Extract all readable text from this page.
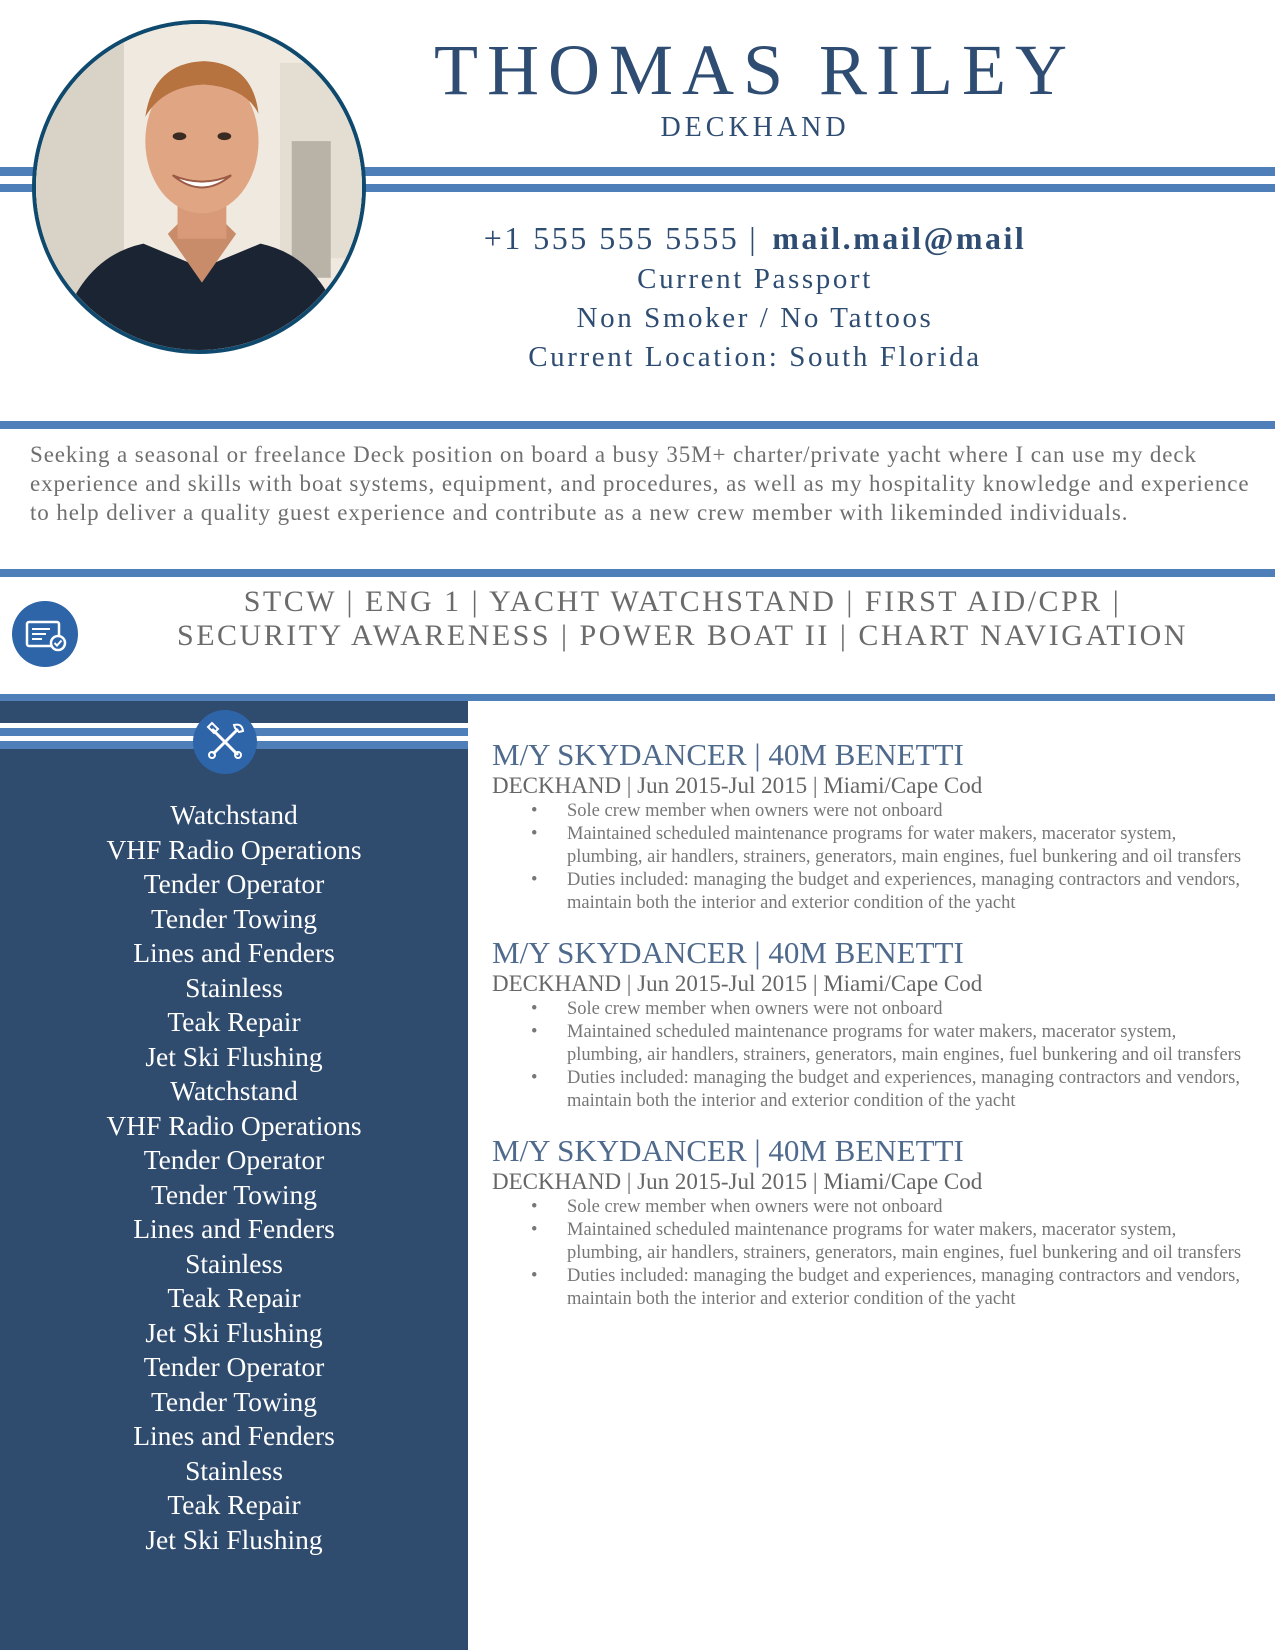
THOMAS RILEY
DECKHAND
+1 555 555 5555 | mail.mail@mail
Current Passport
Non Smoker / No Tattoos
Current Location: South Florida
Seeking a seasonal or freelance Deck position on board a busy 35M+ charter/private yacht where I can use my deck experience and skills with boat systems, equipment, and procedures, as well as my hospitality knowledge and experience to help deliver a quality guest experience and contribute as a new crew member with likeminded individuals.
STCW | ENG 1 | YACHT WATCHSTAND | FIRST AID/CPR |
SECURITY AWARENESS | POWER BOAT II | CHART NAVIGATION
Watchstand
VHF Radio Operations
Tender Operator
Tender Towing
Lines and Fenders
Stainless
Teak Repair
Jet Ski Flushing
Watchstand
VHF Radio Operations
Tender Operator
Tender Towing
Lines and Fenders
Stainless
Teak Repair
Jet Ski Flushing
Tender Operator
Tender Towing
Lines and Fenders
Stainless
Teak Repair
Jet Ski Flushing
M/Y SKYDANCER | 40M BENETTI
DECKHAND | Jun 2015-Jul 2015 | Miami/Cape Cod
• Sole crew member when owners were not onboard
• Maintained scheduled maintenance programs for water makers, macerator system, plumbing, air handlers, strainers, generators, main engines, fuel bunkering and oil transfers
• Duties included: managing the budget and experiences, managing contractors and vendors, maintain both the interior and exterior condition of the yacht
M/Y SKYDANCER | 40M BENETTI
DECKHAND | Jun 2015-Jul 2015 | Miami/Cape Cod
• Sole crew member when owners were not onboard
• Maintained scheduled maintenance programs for water makers, macerator system, plumbing, air handlers, strainers, generators, main engines, fuel bunkering and oil transfers
• Duties included: managing the budget and experiences, managing contractors and vendors, maintain both the interior and exterior condition of the yacht
M/Y SKYDANCER | 40M BENETTI
DECKHAND | Jun 2015-Jul 2015 | Miami/Cape Cod
• Sole crew member when owners were not onboard
• Maintained scheduled maintenance programs for water makers, macerator system, plumbing, air handlers, strainers, generators, main engines, fuel bunkering and oil transfers
• Duties included: managing the budget and experiences, managing contractors and vendors, maintain both the interior and exterior condition of the yacht
